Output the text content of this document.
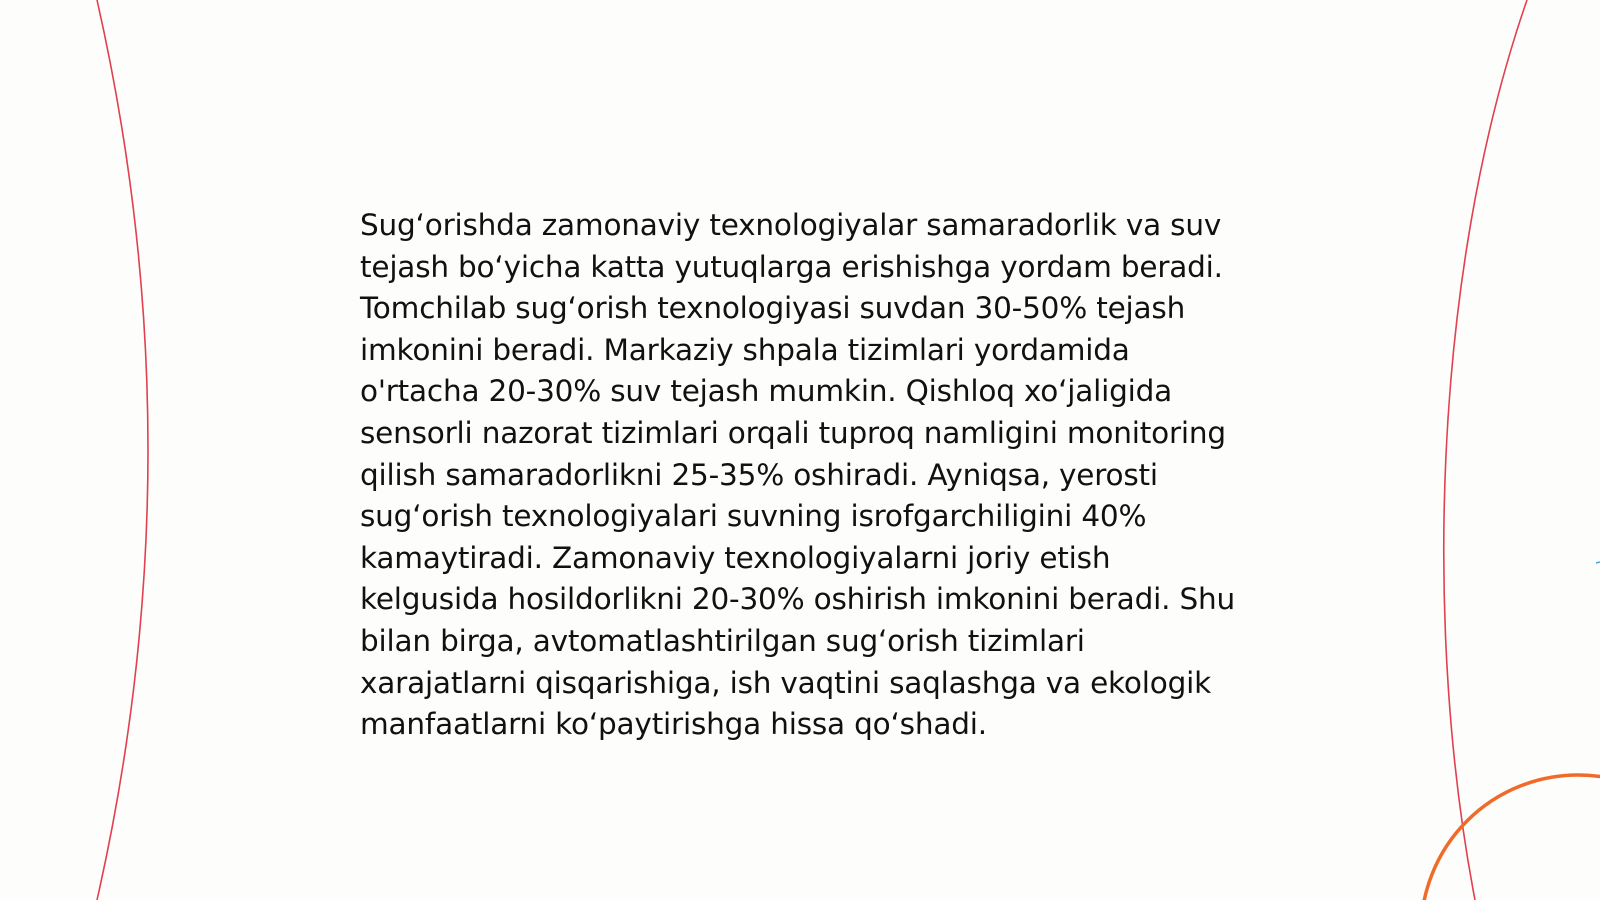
Sug‘orishda zamonaviy texnologiyalar samaradorlik va suv tejash bo‘yicha katta yutuqlarga erishishga yordam beradi. Tomchilab sug‘orish texnologiyasi suvdan 30-50% tejash imkonini beradi. Markaziy shpala tizimlari yordamida o'rtacha 20-30% suv tejash mumkin. Qishloq xo‘jaligida sensorli nazorat tizimlari orqali tuproq namligini monitoring qilish samaradorlikni 25-35% oshiradi. Ayniqsa, yerosti sug‘orish texnologiyalari suvning isrofgarchiligini 40% kamaytiradi. Zamonaviy texnologiyalarni joriy etish kelgusida hosildorlikni 20-30% oshirish imkonini beradi. Shu bilan birga, avtomatlashtirilgan sug‘orish tizimlari xarajatlarni qisqarishiga, ish vaqtini saqlashga va ekologik manfaatlarni ko‘paytirishga hissa qo‘shadi.
